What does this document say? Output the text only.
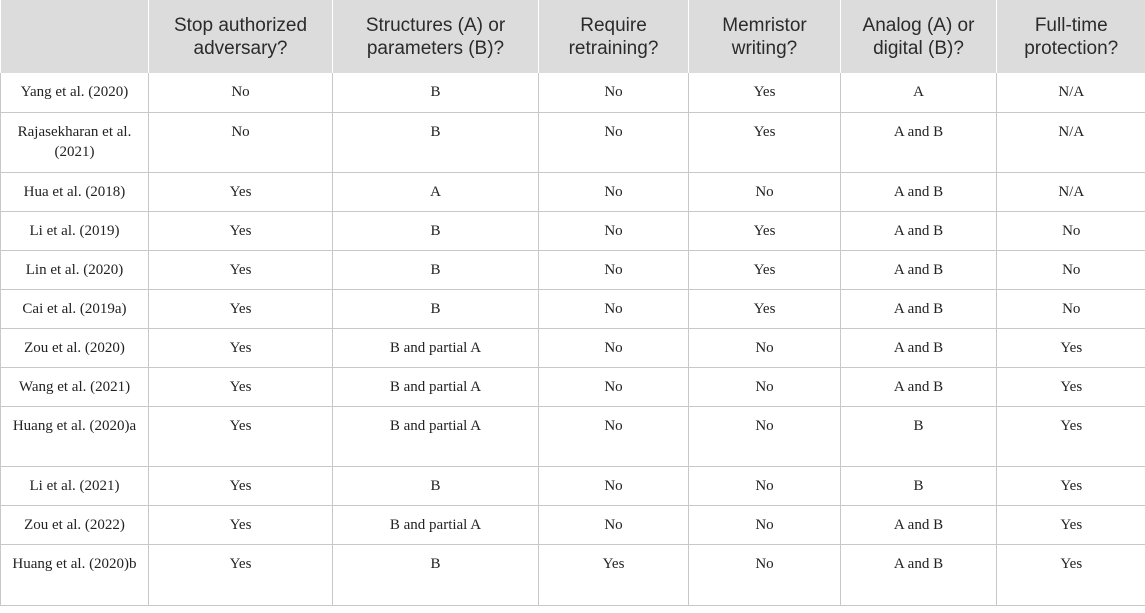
	Stop authorized adversary?	Structures (A) or parameters (B)?	Require retraining?	Memristor writing?	Analog (A) or digital (B)?	Full-time protection?
Yang et al. (2020)	No	B	No	Yes	A	N/A
Rajasekharan et al. (2021)	No	B	No	Yes	A and B	N/A
Hua et al. (2018)	Yes	A	No	No	A and B	N/A
Li et al. (2019)	Yes	B	No	Yes	A and B	No
Lin et al. (2020)	Yes	B	No	Yes	A and B	No
Cai et al. (2019a)	Yes	B	No	Yes	A and B	No
Zou et al. (2020)	Yes	B and partial A	No	No	A and B	Yes
Wang et al. (2021)	Yes	B and partial A	No	No	A and B	Yes
Huang et al. (2020)a	Yes	B and partial A	No	No	B	Yes
Li et al. (2021)	Yes	B	No	No	B	Yes
Zou et al. (2022)	Yes	B and partial A	No	No	A and B	Yes
Huang et al. (2020)b	Yes	B	Yes	No	A and B	Yes
